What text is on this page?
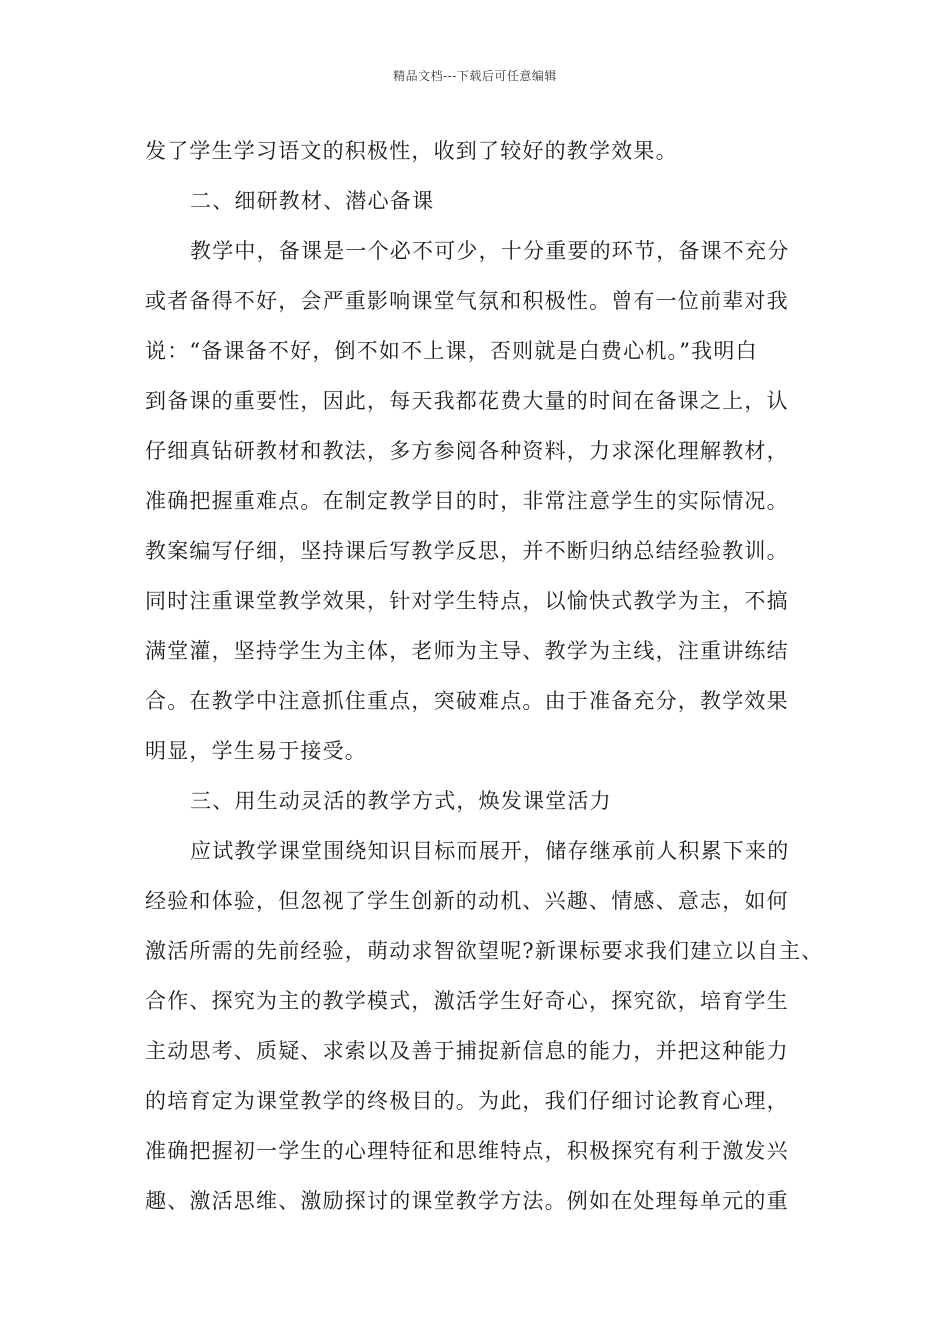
精品文档---下载后可任意编辑
发了学生学习语文的积极性，收到了较好的教学效果。
二、细研教材、潜心备课
教学中，备课是一个必不可少，十分重要的环节，备课不充分
或者备得不好，会严重影响课堂气氛和积极性。曾有一位前辈对我
说：“备课备不好，倒不如不上课，否则就是白费心机。”我明白
到备课的重要性，因此，每天我都花费大量的时间在备课之上，认
仔细真钻研教材和教法，多方参阅各种资料，力求深化理解教材，
准确把握重难点。在制定教学目的时，非常注意学生的实际情况。
教案编写仔细，坚持课后写教学反思，并不断归纳总结经验教训。
同时注重课堂教学效果，针对学生特点，以愉快式教学为主，不搞
满堂灌，坚持学生为主体，老师为主导、教学为主线，注重讲练结
合。在教学中注意抓住重点，突破难点。由于准备充分，教学效果
明显，学生易于接受。
三、用生动灵活的教学方式，焕发课堂活力
应试教学课堂围绕知识目标而展开，储存继承前人积累下来的
经验和体验，但忽视了学生创新的动机、兴趣、情感、意志，如何
激活所需的先前经验，萌动求智欲望呢?新课标要求我们建立以自主、
合作、探究为主的教学模式，激活学生好奇心，探究欲，培育学生
主动思考、质疑、求索以及善于捕捉新信息的能力，并把这种能力
的培育定为课堂教学的终极目的。为此，我们仔细讨论教育心理，
准确把握初一学生的心理特征和思维特点，积极探究有利于激发兴
趣、激活思维、激励探讨的课堂教学方法。例如在处理每单元的重
